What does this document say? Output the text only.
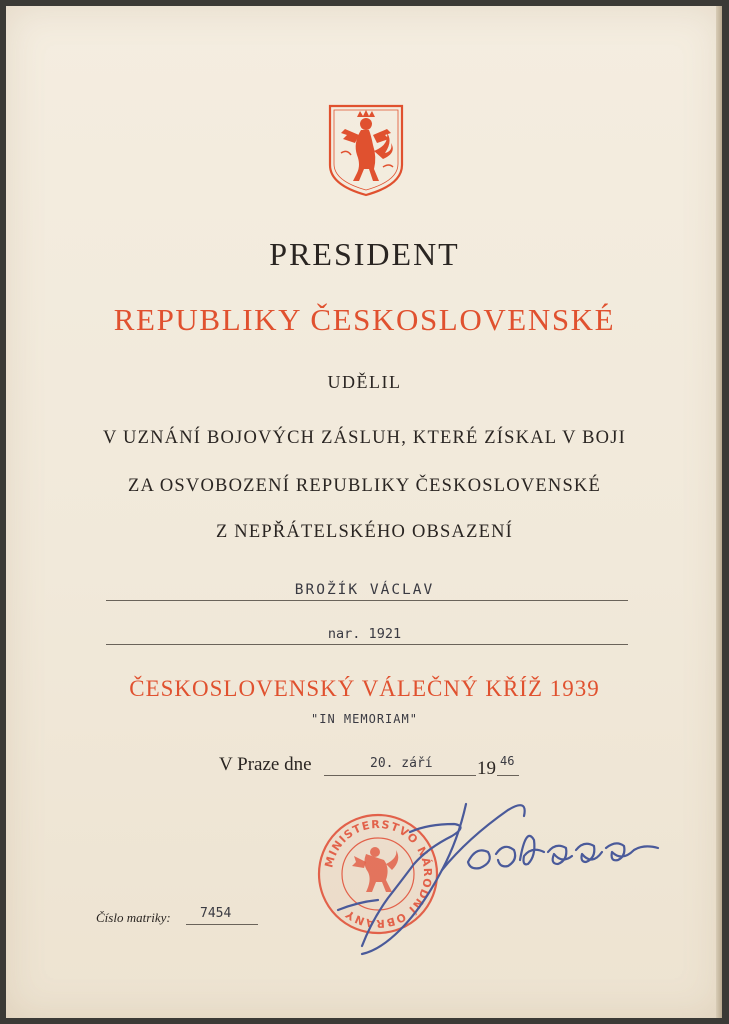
PRESIDENT
REPUBLIKY ČESKOSLOVENSKÉ
UDĚLIL
V UZNÁNÍ BOJOVÝCH ZÁSLUH, KTERÉ ZÍSKAL V BOJI
ZA OSVOBOZENÍ REPUBLIKY ČESKOSLOVENSKÉ
Z NEPŘÁTELSKÉHO OBSAZENÍ
BROŽÍK VÁCLAV
nar. 1921
ČESKOSLOVENSKÝ VÁLEČNÝ KŘÍŽ 1939
"IN MEMORIAM"
V Praze dne	20. září 19 46
MINISTERSTVO NÁRODNÍ OBRANY
Číslo matriky: 7454
